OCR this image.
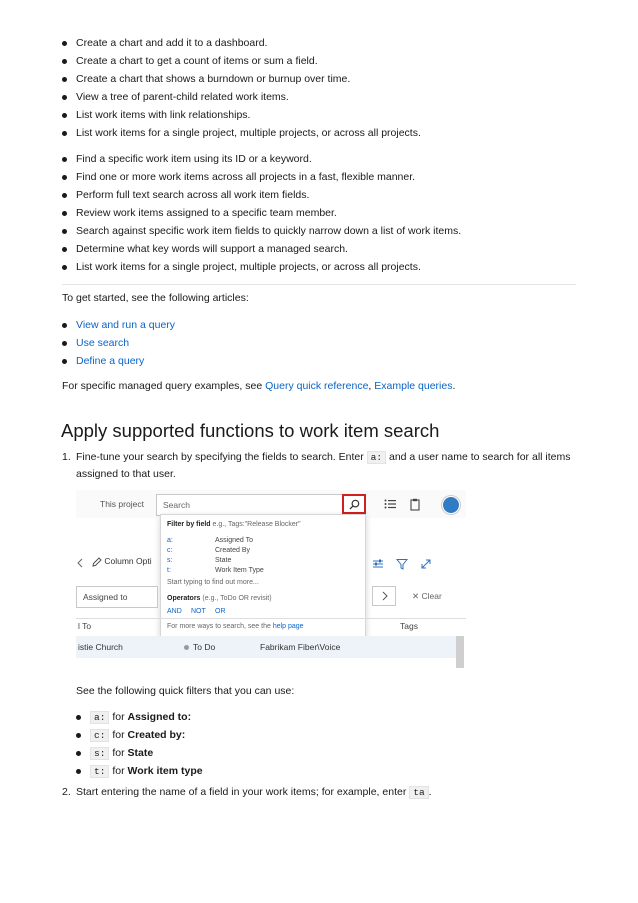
Create a chart and add it to a dashboard.
Create a chart to get a count of items or sum a field.
Create a chart that shows a burndown or burnup over time.
View a tree of parent-child related work items.
List work items with link relationships.
List work items for a single project, multiple projects, or across all projects.
Find a specific work item using its ID or a keyword.
Find one or more work items across all projects in a fast, flexible manner.
Perform full text search across all work item fields.
Review work items assigned to a specific team member.
Search against specific work item fields to quickly narrow down a list of work items.
Determine what key words will support a managed search.
List work items for a single project, multiple projects, or across all projects.
To get started, see the following articles:
View and run a query
Use search
Define a query
For specific managed query examples, see Query quick reference, Example queries.
Apply supported functions to work item search
1. Fine-tune your search by specifying the fields to search. Enter a: and a user name to search for all items assigned to that user.
This project Search
Filter by field e.g., Tags:"Release Blocker"
a:	Assigned To
c:	Created By
s:	State
t:	Work Item Type
Start typing to find out more...
Operators (e.g., ToDo OR revisit)
AND NOT OR
For more ways to search, see the help page
Column Opti
Assigned to	✕ Clear
l To	Tags
istie Church	To Do	Fabrikam Fiber\Voice
See the following quick filters that you can use:
a: for Assigned to:
c: for Created by:
s: for State
t: for Work item type
2. Start entering the name of a field in your work items; for example, enter ta .
